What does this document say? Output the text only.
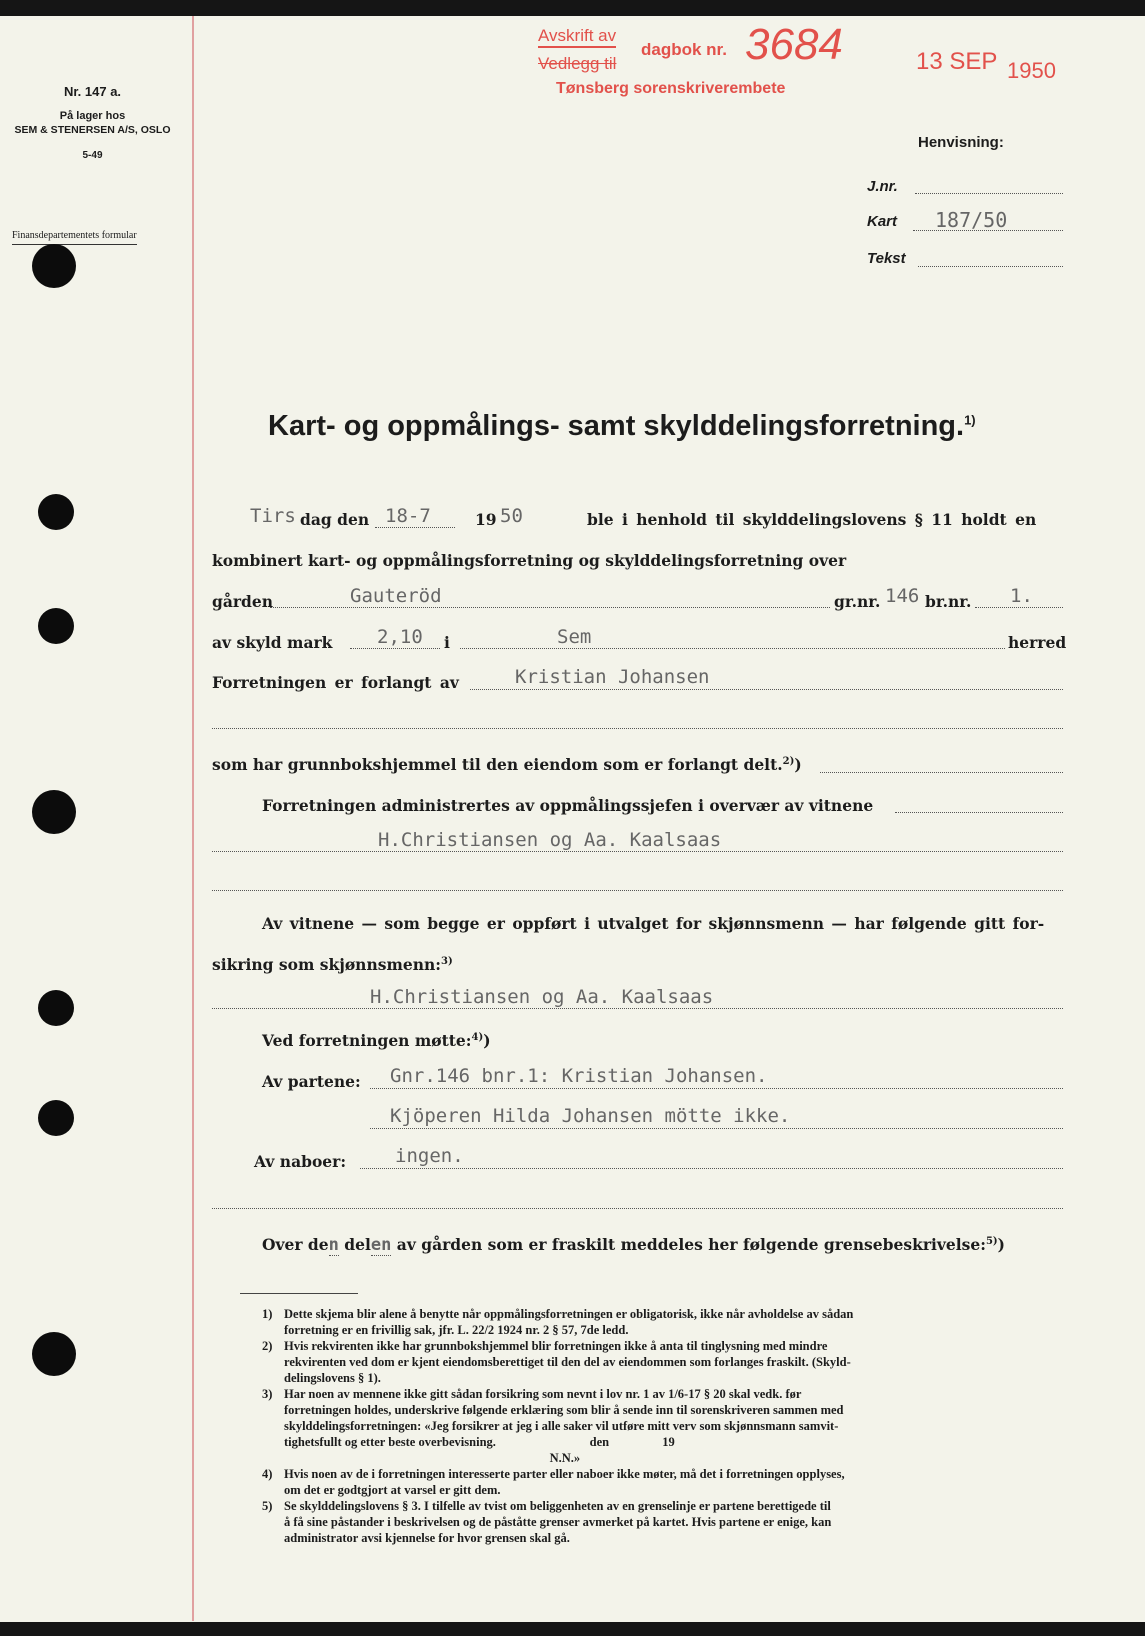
Nr. 147 a.
På lager hos
SEM & STENERSEN A/S, OSLO
5-49
Finansdepartementets formular
Avskrift av
Vedlegg til
dagbok nr. 3684
Tønsberg sorenskriverembete
13 SEP 1950
Henvisning:
J.nr.
Kart 187/50
Tekst
Kart- og oppmålings- samt skylddelingsforretning.$^{1)}$
Tirs dag den 18-7	19 50	ble i henhold til skylddelingslovens § 11 holdt en
kombinert kart- og oppmålingsforretning og skylddelingsforretning over
gården	Gauteröd	gr.nr. 146 br.nr. 1.
av skyld mark 2,10 i	Sem	herred
Forretningen er forlangt av	Kristian Johansen
som har grunnbokshjemmel til den eiendom som er forlangt delt.$^{2)}$)
Forretningen administrertes av oppmålingssjefen i overvær av vitnene
H.Christiansen og Aa. Kaalsaas
Av vitnene — som begge er oppført i utvalget for skjønnsmenn — har følgende gitt for-
sikring som skjønnsmenn:$^{3)}$
H.Christiansen og Aa. Kaalsaas
Ved forretningen møtte:$^{4)}$)
Av partene: Gnr.146 bnr.1: Kristian Johansen.
Kjöperen Hilda Johansen mötte ikke.
Av naboer:	ingen.
Over den delen av gården som er fraskilt meddeles her følgende grensebeskrivelse:$^{5)}$)
1) Dette skjema blir alene å benytte når oppmålingsforretningen er obligatorisk, ikke når avholdelse av sådan
forretning er en frivillig sak, jfr. L. 22/2 1924 nr. 2 § 57, 7de ledd.
2) Hvis rekvirenten ikke har grunnbokshjemmel blir forretningen ikke å anta til tinglysning med mindre
rekvirenten ved dom er kjent eiendomsberettiget til den del av eiendommen som forlanges fraskilt. (Skyld-
delingslovens § 1).
3) Har noen av mennene ikke gitt sådan forsikring som nevnt i lov nr. 1 av 1/6-17 § 20 skal vedk. før
forretningen holdes, underskrive følgende erklæring som blir å sende inn til sorenskriveren sammen med
skylddelingsforretningen: «Jeg forsikrer at jeg i alle saker vil utføre mitt verv som skjønnsmann samvit-
tighetsfullt og etter beste overbevisning.                              den                 19
N.N.»
4) Hvis noen av de i forretningen interesserte parter eller naboer ikke møter, må det i forretningen opplyses,
om det er godtgjort at varsel er gitt dem.
5) Se skylddelingslovens § 3. I tilfelle av tvist om beliggenheten av en grenselinje er partene berettigede til
å få sine påstander i beskrivelsen og de påståtte grenser avmerket på kartet. Hvis partene er enige, kan
administrator avsi kjennelse for hvor grensen skal gå.
